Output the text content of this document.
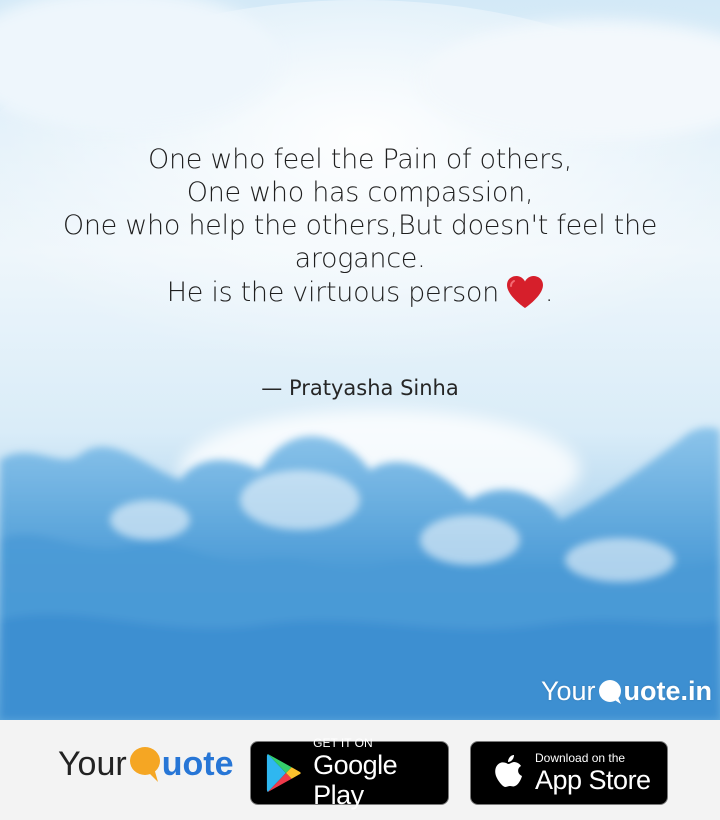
One who feel the Pain of others,
One who has compassion,
One who help the others,But doesn't feel the
arogance.
He is the virtuous person .
— Pratyasha Sinha
Your uote.in
Your uote
GET IT ON
Google Play
Download on the
App Store
